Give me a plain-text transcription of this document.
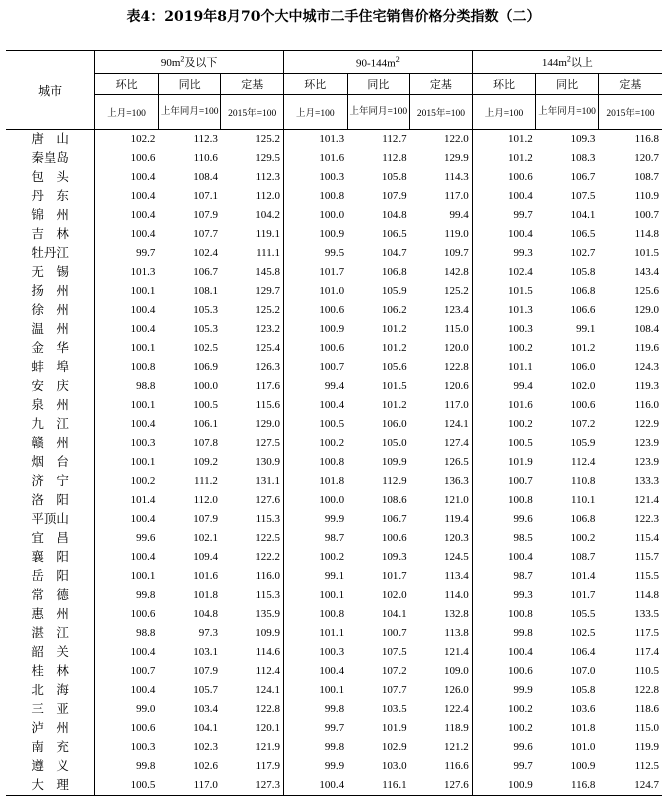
表4：2019年8月70个大中城市二手住宅销售价格分类指数（二）
城市	$90m^2$及以下			$90-144m^2$			$144m^2$以上		
	环比	同比	定基	环比	同比	定基	环比	同比	定基
	上月=100	上年同月=100	2015年=100	上月=100	上年同月=100	2015年=100	上月=100	上年同月=100	2015年=100
唐　山	102.2	112.3	125.2	101.3	112.7	122.0	101.2	109.3	116.8
秦皇岛	100.6	110.6	129.5	101.6	112.8	129.9	101.2	108.3	120.7
包　头	100.4	108.4	112.3	100.3	105.8	114.3	100.6	106.7	108.7
丹　东	100.4	107.1	112.0	100.8	107.9	117.0	100.4	107.5	110.9
锦　州	100.4	107.9	104.2	100.0	104.8	99.4	99.7	104.1	100.7
吉　林	100.4	107.7	119.1	100.9	106.5	119.0	100.4	106.5	114.8
牡丹江	99.7	102.4	111.1	99.5	104.7	109.7	99.3	102.7	101.5
无　锡	101.3	106.7	145.8	101.7	106.8	142.8	102.4	105.8	143.4
扬　州	100.1	108.1	129.7	101.0	105.9	125.2	101.5	106.8	125.6
徐　州	100.4	105.3	125.2	100.6	106.2	123.4	101.3	106.6	129.0
温　州	100.4	105.3	123.2	100.9	101.2	115.0	100.3	99.1	108.4
金　华	100.1	102.5	125.4	100.6	101.2	120.0	100.2	101.2	119.6
蚌　埠	100.8	106.9	126.3	100.7	105.6	122.8	101.1	106.0	124.3
安　庆	98.8	100.0	117.6	99.4	101.5	120.6	99.4	102.0	119.3
泉　州	100.1	100.5	115.6	100.4	101.2	117.0	101.6	100.6	116.0
九　江	100.4	106.1	129.0	100.5	106.0	124.1	100.2	107.2	122.9
赣　州	100.3	107.8	127.5	100.2	105.0	127.4	100.5	105.9	123.9
烟　台	100.1	109.2	130.9	100.8	109.9	126.5	101.9	112.4	123.9
济　宁	100.2	111.2	131.1	101.8	112.9	136.3	100.7	110.8	133.3
洛　阳	101.4	112.0	127.6	100.0	108.6	121.0	100.8	110.1	121.4
平顶山	100.4	107.9	115.3	99.9	106.7	119.4	99.6	106.8	122.3
宜　昌	99.6	102.1	122.5	98.7	100.6	120.3	98.5	100.2	115.4
襄　阳	100.4	109.4	122.2	100.2	109.3	124.5	100.4	108.7	115.7
岳　阳	100.1	101.6	116.0	99.1	101.7	113.4	98.7	101.4	115.5
常　德	99.8	101.8	115.3	100.1	102.0	114.0	99.3	101.7	114.8
惠　州	100.6	104.8	135.9	100.8	104.1	132.8	100.8	105.5	133.5
湛　江	98.8	97.3	109.9	101.1	100.7	113.8	99.8	102.5	117.5
韶　关	100.4	103.1	114.6	100.3	107.5	121.4	100.4	106.4	117.4
桂　林	100.7	107.9	112.4	100.4	107.2	109.0	100.6	107.0	110.5
北　海	100.4	105.7	124.1	100.1	107.7	126.0	99.9	105.8	122.8
三　亚	99.0	103.4	122.8	99.8	103.5	122.4	100.2	103.6	118.6
泸　州	100.6	104.1	120.1	99.7	101.9	118.9	100.2	101.8	115.0
南　充	100.3	102.3	121.9	99.8	102.9	121.2	99.6	101.0	119.9
遵　义	99.8	102.6	117.9	99.9	103.0	116.6	99.7	100.9	112.5
大　理	100.5	117.0	127.3	100.4	116.1	127.6	100.9	116.8	124.7
